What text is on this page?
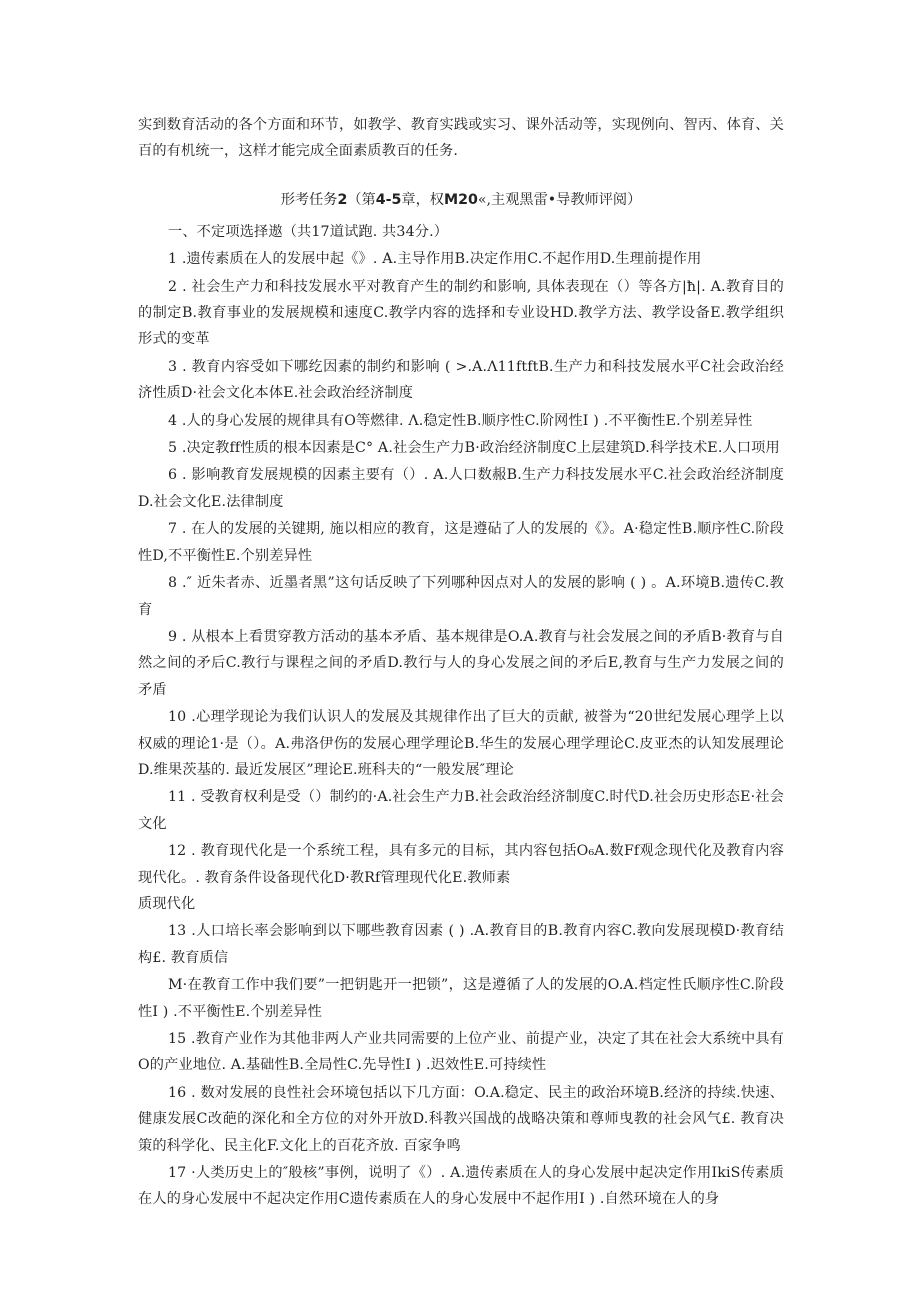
实到数育活动的各个方面和环节，如教学、教育实践或实习、课外活动等，实现例向、智丙、体育、关百的有机统一，这样才能完成全面素质教百的任务.

形考任务2（第4-5章，权M20«,主观黑雷•导教师评阅）

一、不定项选择遨（共17道试跑. 共34分.）

1 .遗传素质在人的发展中起《》. A.主导作用B.决定作用C.不起作用D.生理前提作用

2 . 社会生产力和科技发展水平对教育产生的制约和影响, 具体表现在（）等各方|ħ|. A.教育目的的制定B.教育事业的发展规模和速度C.教学内容的选择和专业设HD.教学方法、教学设备E.教学组织形式的变革

3 . 教育内容受如下哪纥因素的制约和影响 ( >.A.Λ11ftftB.生产力和科技发展水平C社会政治经济性质D·社会文化本体E.社会政治经济制度

4 .人的身心发展的规律具有O等燃律. Λ.稳定性B.顺序性C.阶网性I ) .不平衡性E.个别差异性

5 .决定教ff性质的根本因素是C° A.社会生产力B·政治经济制度C上层建筑D.科学技术E.人口项用

6 . 影响教育发展规模的因素主要有（）. A.人口数赧B.生产力科技发展水平C.社会政治经济制度D.社会文化E.法律制度

7 . 在人的发展的关键期, 施以相应的教育，这是遵砧了人的发展的《》。A·稳定性B.顺序性C.阶段性D,不平衡性E.个别差异性

8 .″ 近朱者赤、近墨者黑”这句话反映了下列哪种因点对人的发展的影响 ( ) 。A.环境B.遗传C.教育

9 . 从根本上看贯穿教方活动的基本矛盾、基本规律是O.A.教育与社会发展之间的矛盾B·教育与自然之间的矛后C.教行与课程之间的矛盾D.教行与人的身心发展之间的矛后E,教育与生产力发展之间的矛盾

10 .心理学现论为我们认识人的发展及其规律作出了巨大的贡献, 被誉为“20世纪发展心理学上以权威的理论1·是（）。A.弗洛伊伤的发展心理学理论B.华生的发展心理学理论C.皮亚杰的认知发展理论D.维果茨基的. 最近发展区”理论E.班科夫的“一般发展″理论

11 . 受教育权利是受（）制约的·A.社会生产力B.社会政治经济制度C.时代D.社会历史形态E·社会文化

12 . 教育现代化是一个系统工程，具有多元的目标，其内容包括O₆A.数Ff观念现代化及教育内容现代化。. 教育条件设备现代化D·教Rf管理现代化E.教师素

质现代化

13 .人口培长率会影响到以下哪些教育因素 ( ) .A.教育目的B.教育内容C.教向发展现模D·教育结构£. 教育质信

M·在教育工作中我们要”一把钥匙开一把锁”，这是遵循了人的发展的O.A.档定性氏顺序性C.阶段性I ) .不平衡性E.个别差异性

15 .教育产业作为其他非两人产业共同需要的上位产业、前提产业，决定了其在社会大系统中具有O的产业地位. A.基础性B.全局性C.先导性I ) .迟效性E.可持续性

16 . 数对发展的良性社会环境包括以下几方面：O.A.稳定、民主的政治环境B.经济的持续.快速、健康发展C改葩的深化和全方位的对外开放D.科教兴国战的战略决策和尊师曳教的社会风气£. 教育决策的科学化、民主化F.文化上的百花齐放. 百家争鸣

17 ·人类历史上的″般核”事例，说明了《）. A.遗传素质在人的身心发展中起决定作用IkiS传素质在人的身心发展中不起决定作用C遗传素质在人的身心发展中不起作用I ) .自然环境在人的身
